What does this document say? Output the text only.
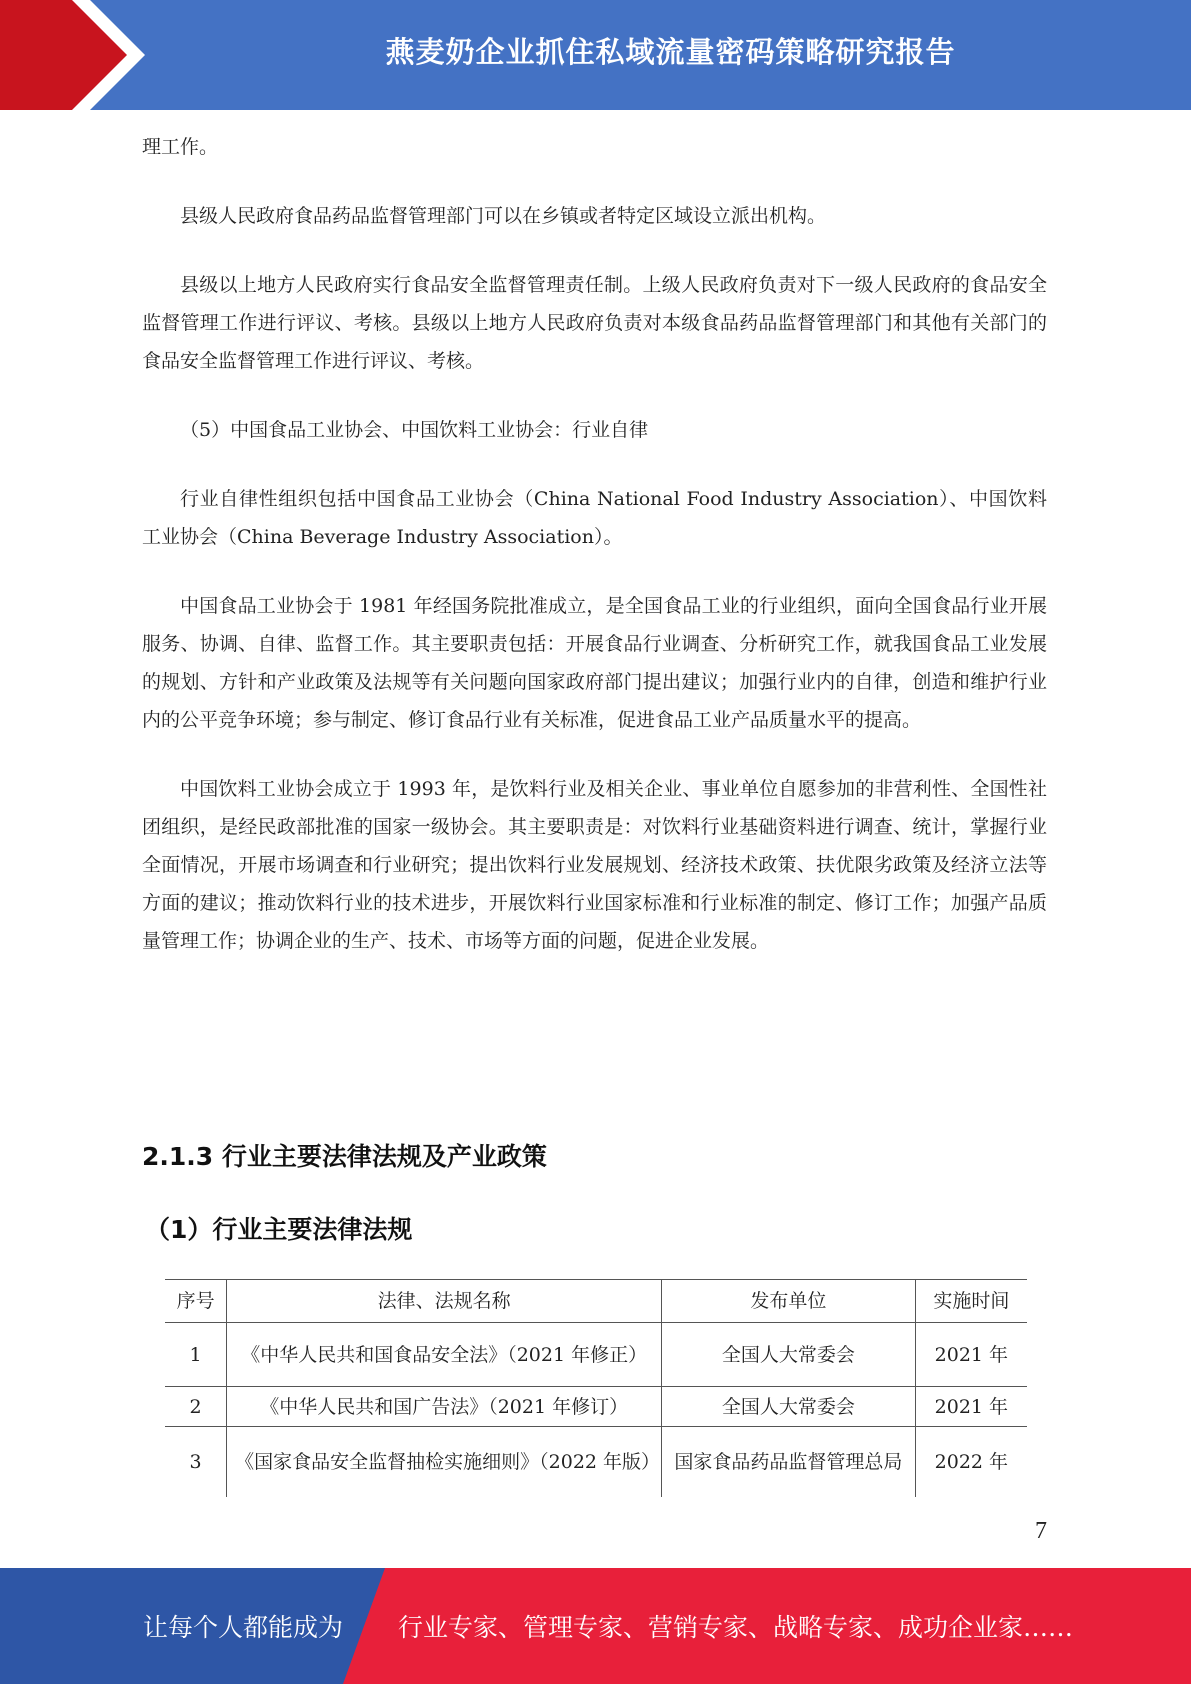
燕麦奶企业抓住私域流量密码策略研究报告

理工作。

县级人民政府食品药品监督管理部门可以在乡镇或者特定区域设立派出机构。

县级以上地方人民政府实行食品安全监督管理责任制。上级人民政府负责对下一级人民政府的食品安全监督管理工作进行评议、考核。县级以上地方人民政府负责对本级食品药品监督管理部门和其他有关部门的食品安全监督管理工作进行评议、考核。

（5）中国食品工业协会、中国饮料工业协会：行业自律

行业自律性组织包括中国食品工业协会（China National Food Industry Association）、中国饮料工业协会（China Beverage Industry Association）。

中国食品工业协会于 1981 年经国务院批准成立，是全国食品工业的行业组织，面向全国食品行业开展服务、协调、自律、监督工作。其主要职责包括：开展食品行业调查、分析研究工作，就我国食品工业发展的规划、方针和产业政策及法规等有关问题向国家政府部门提出建议；加强行业内的自律，创造和维护行业内的公平竞争环境；参与制定、修订食品行业有关标准，促进食品工业产品质量水平的提高。

中国饮料工业协会成立于 1993 年，是饮料行业及相关企业、事业单位自愿参加的非营利性、全国性社团组织，是经民政部批准的国家一级协会。其主要职责是：对饮料行业基础资料进行调查、统计，掌握行业全面情况，开展市场调查和行业研究；提出饮料行业发展规划、经济技术政策、扶优限劣政策及经济立法等方面的建议；推动饮料行业的技术进步，开展饮料行业国家标准和行业标准的制定、修订工作；加强产品质量管理工作；协调企业的生产、技术、市场等方面的问题，促进企业发展。

2.1.3 行业主要法律法规及产业政策
（1）行业主要法律法规
序号	法律、法规名称	发布单位	实施时间
1	《中华人民共和国食品安全法》（2021 年修正）	全国人大常委会	2021 年
2	《中华人民共和国广告法》（2021 年修订）	全国人大常委会	2021 年
3	《国家食品安全监督抽检实施细则》（2022 年版）	国家食品药品监督管理总局	2022 年
7
让每个人都能成为 行业专家、管理专家、营销专家、战略专家、成功企业家……
